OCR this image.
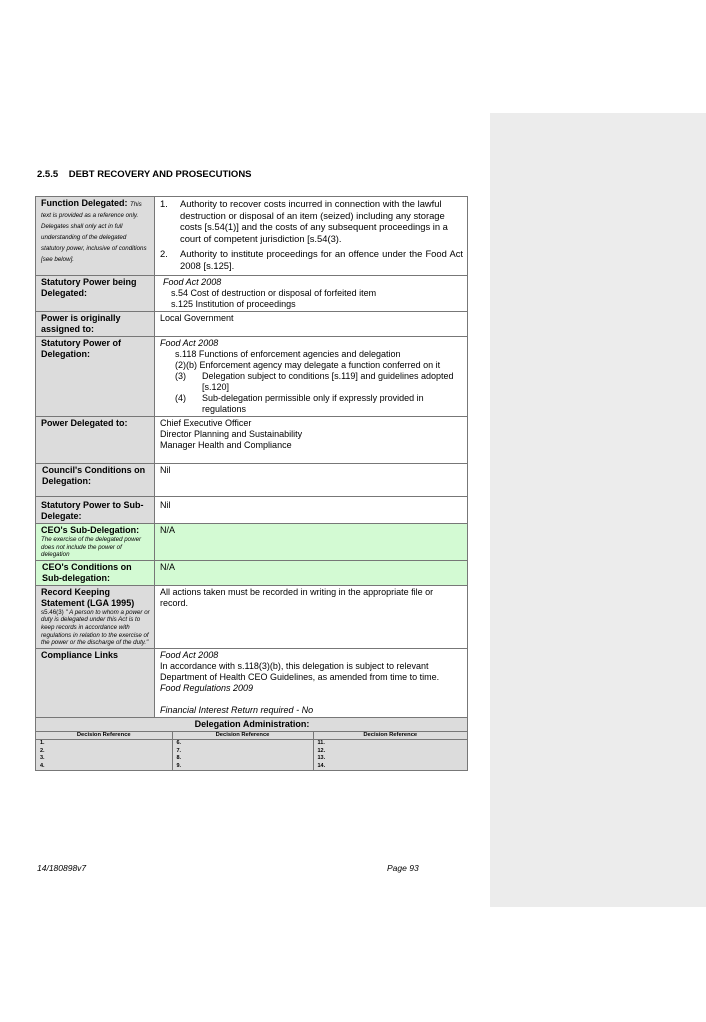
2.5.5 DEBT RECOVERY AND PROSECUTIONS
Function Delegated: This text is provided as a reference only. Delegates shall only act in full understanding of the delegated statutory power, inclusive of conditions [see below].	
1.	Authority to recover costs incurred in connection with the lawful destruction or disposal of an item (seized) including any storage costs [s.54(1)] and the costs of any subsequent proceedings in a court of competent jurisdiction [s.54(3).
2.	Authority to institute proceedings for an offence under the Food Act 2008 [s.125].

Statutory Power being Delegated:	
Food Act 2008
s.54 Cost of destruction or disposal of forfeited item
s.125 Institution of proceedings

Power is originally assigned to:	Local Government
Statutory Power of Delegation:	
Food Act 2008
s.118 Functions of enforcement agencies and delegation
(2)(b) Enforcement agency may delegate a function conferred on it
(3)	Delegation subject to conditions [s.119] and guidelines adopted [s.120]
(4)	Sub-delegation permissible only if expressly provided in regulations

Power Delegated to:	Chief Executive Officer
Director Planning and Sustainability
Manager Health and Compliance

Council's Conditions on Delegation:	Nil
Statutory Power to Sub-Delegate:	Nil

CEO's Sub-Delegation:
The exercise of the delegated power does not include the power of delegation
	N/A
CEO's Conditions on Sub-delegation:	N/A

Record Keeping Statement (LGA 1995)
s5.46(3) " A person to whom a power or duty is delegated under this Act is to keep records in accordance with regulations in relation to the exercise of the power or the discharge of the duty."
	All actions taken must be recorded in writing in the appropriate file or record.
Compliance Links	Food Act 2008
In accordance with s.118(3)(b), this delegation is subject to relevant Department of Health CEO Guidelines, as amended from time to time.
Food Regulations 2009
Financial Interest Return required - No

Delegation Administration:

Decision Reference	Decision Reference	Decision Reference
1.	6.	11.
2.	7.	12.
3.	8.	13.
4.	9.	14.
14/180898v7	Page 93
